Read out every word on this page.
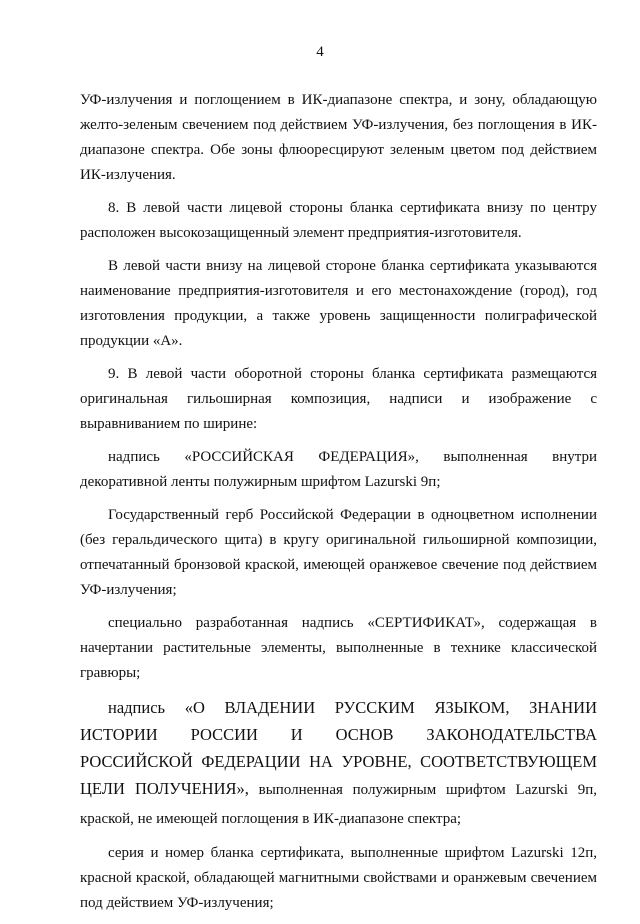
4

УФ-излучения и поглощением в ИК-диапазоне спектра, и зону, обладающую желто-зеленым свечением под действием УФ-излучения, без поглощения в ИК-диапазоне спектра. Обе зоны флюоресцируют зеленым цветом под действием ИК-излучения.

8. В левой части лицевой стороны бланка сертификата внизу по центру расположен высокозащищенный элемент предприятия-изготовителя.

В левой части внизу на лицевой стороне бланка сертификата указываются наименование предприятия-изготовителя и его местонахождение (город), год изготовления продукции, а также уровень защищенности полиграфической продукции «А».

9. В левой части оборотной стороны бланка сертификата размещаются оригинальная гильоширная композиция, надписи и изображение с выравниванием по ширине:

надпись «РОССИЙСКАЯ ФЕДЕРАЦИЯ», выполненная внутри декоративной ленты полужирным шрифтом Lazurski 9п;

Государственный герб Российской Федерации в одноцветном исполнении (без геральдического щита) в кругу оригинальной гильоширной композиции, отпечатанный бронзовой краской, имеющей оранжевое свечение под действием УФ-излучения;

специально разработанная надпись «СЕРТИФИКАТ», содержащая в начертании растительные элементы, выполненные в технике классической гравюры;

надпись «О ВЛАДЕНИИ РУССКИМ ЯЗЫКОМ, ЗНАНИИ ИСТОРИИ РОССИИ И ОСНОВ ЗАКОНОДАТЕЛЬСТВА РОССИЙСКОЙ ФЕДЕРАЦИИ НА УРОВНЕ, СООТВЕТСТВУЮЩЕМ ЦЕЛИ ПОЛУЧЕНИЯ», выполненная полужирным шрифтом Lazurski 9п, краской, не имеющей поглощения в ИК-диапазоне спектра;

серия и номер бланка сертификата, выполненные шрифтом Lazurski 12п, красной краской, обладающей магнитными свойствами и оранжевым свечением под действием УФ-излучения;
